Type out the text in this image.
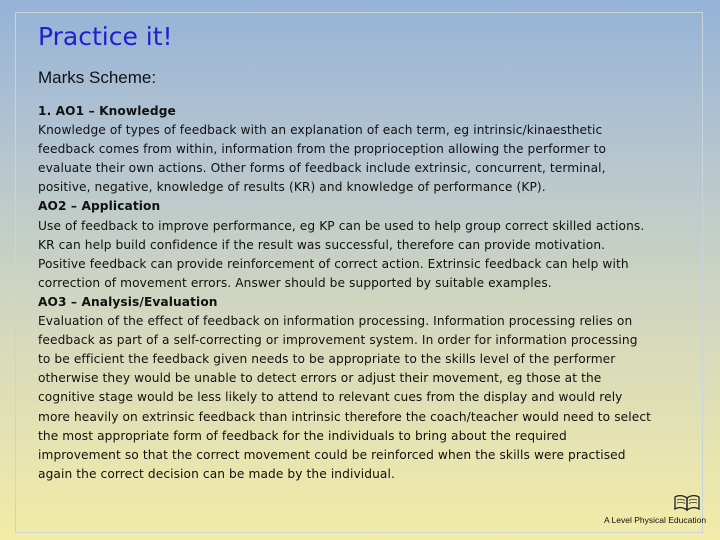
Practice it!
Marks Scheme:
1. AO1 – Knowledge
Knowledge of types of feedback with an explanation of each term, eg intrinsic/kinaesthetic
feedback comes from within, information from the proprioception allowing the performer to
evaluate their own actions. Other forms of feedback include extrinsic, concurrent, terminal,
positive, negative, knowledge of results (KR) and knowledge of performance (KP).
AO2 – Application
Use of feedback to improve performance, eg KP can be used to help group correct skilled actions.
KR can help build confidence if the result was successful, therefore can provide motivation.
Positive feedback can provide reinforcement of correct action. Extrinsic feedback can help with
correction of movement errors. Answer should be supported by suitable examples.
AO3 – Analysis/Evaluation
Evaluation of the effect of feedback on information processing. Information processing relies on
feedback as part of a self-correcting or improvement system. In order for information processing
to be efficient the feedback given needs to be appropriate to the skills level of the performer
otherwise they would be unable to detect errors or adjust their movement, eg those at the
cognitive stage would be less likely to attend to relevant cues from the display and would rely
more heavily on extrinsic feedback than intrinsic therefore the coach/teacher would need to select
the most appropriate form of feedback for the individuals to bring about the required
improvement so that the correct movement could be reinforced when the skills were practised
again the correct decision can be made by the individual.
A Level Physical Education
